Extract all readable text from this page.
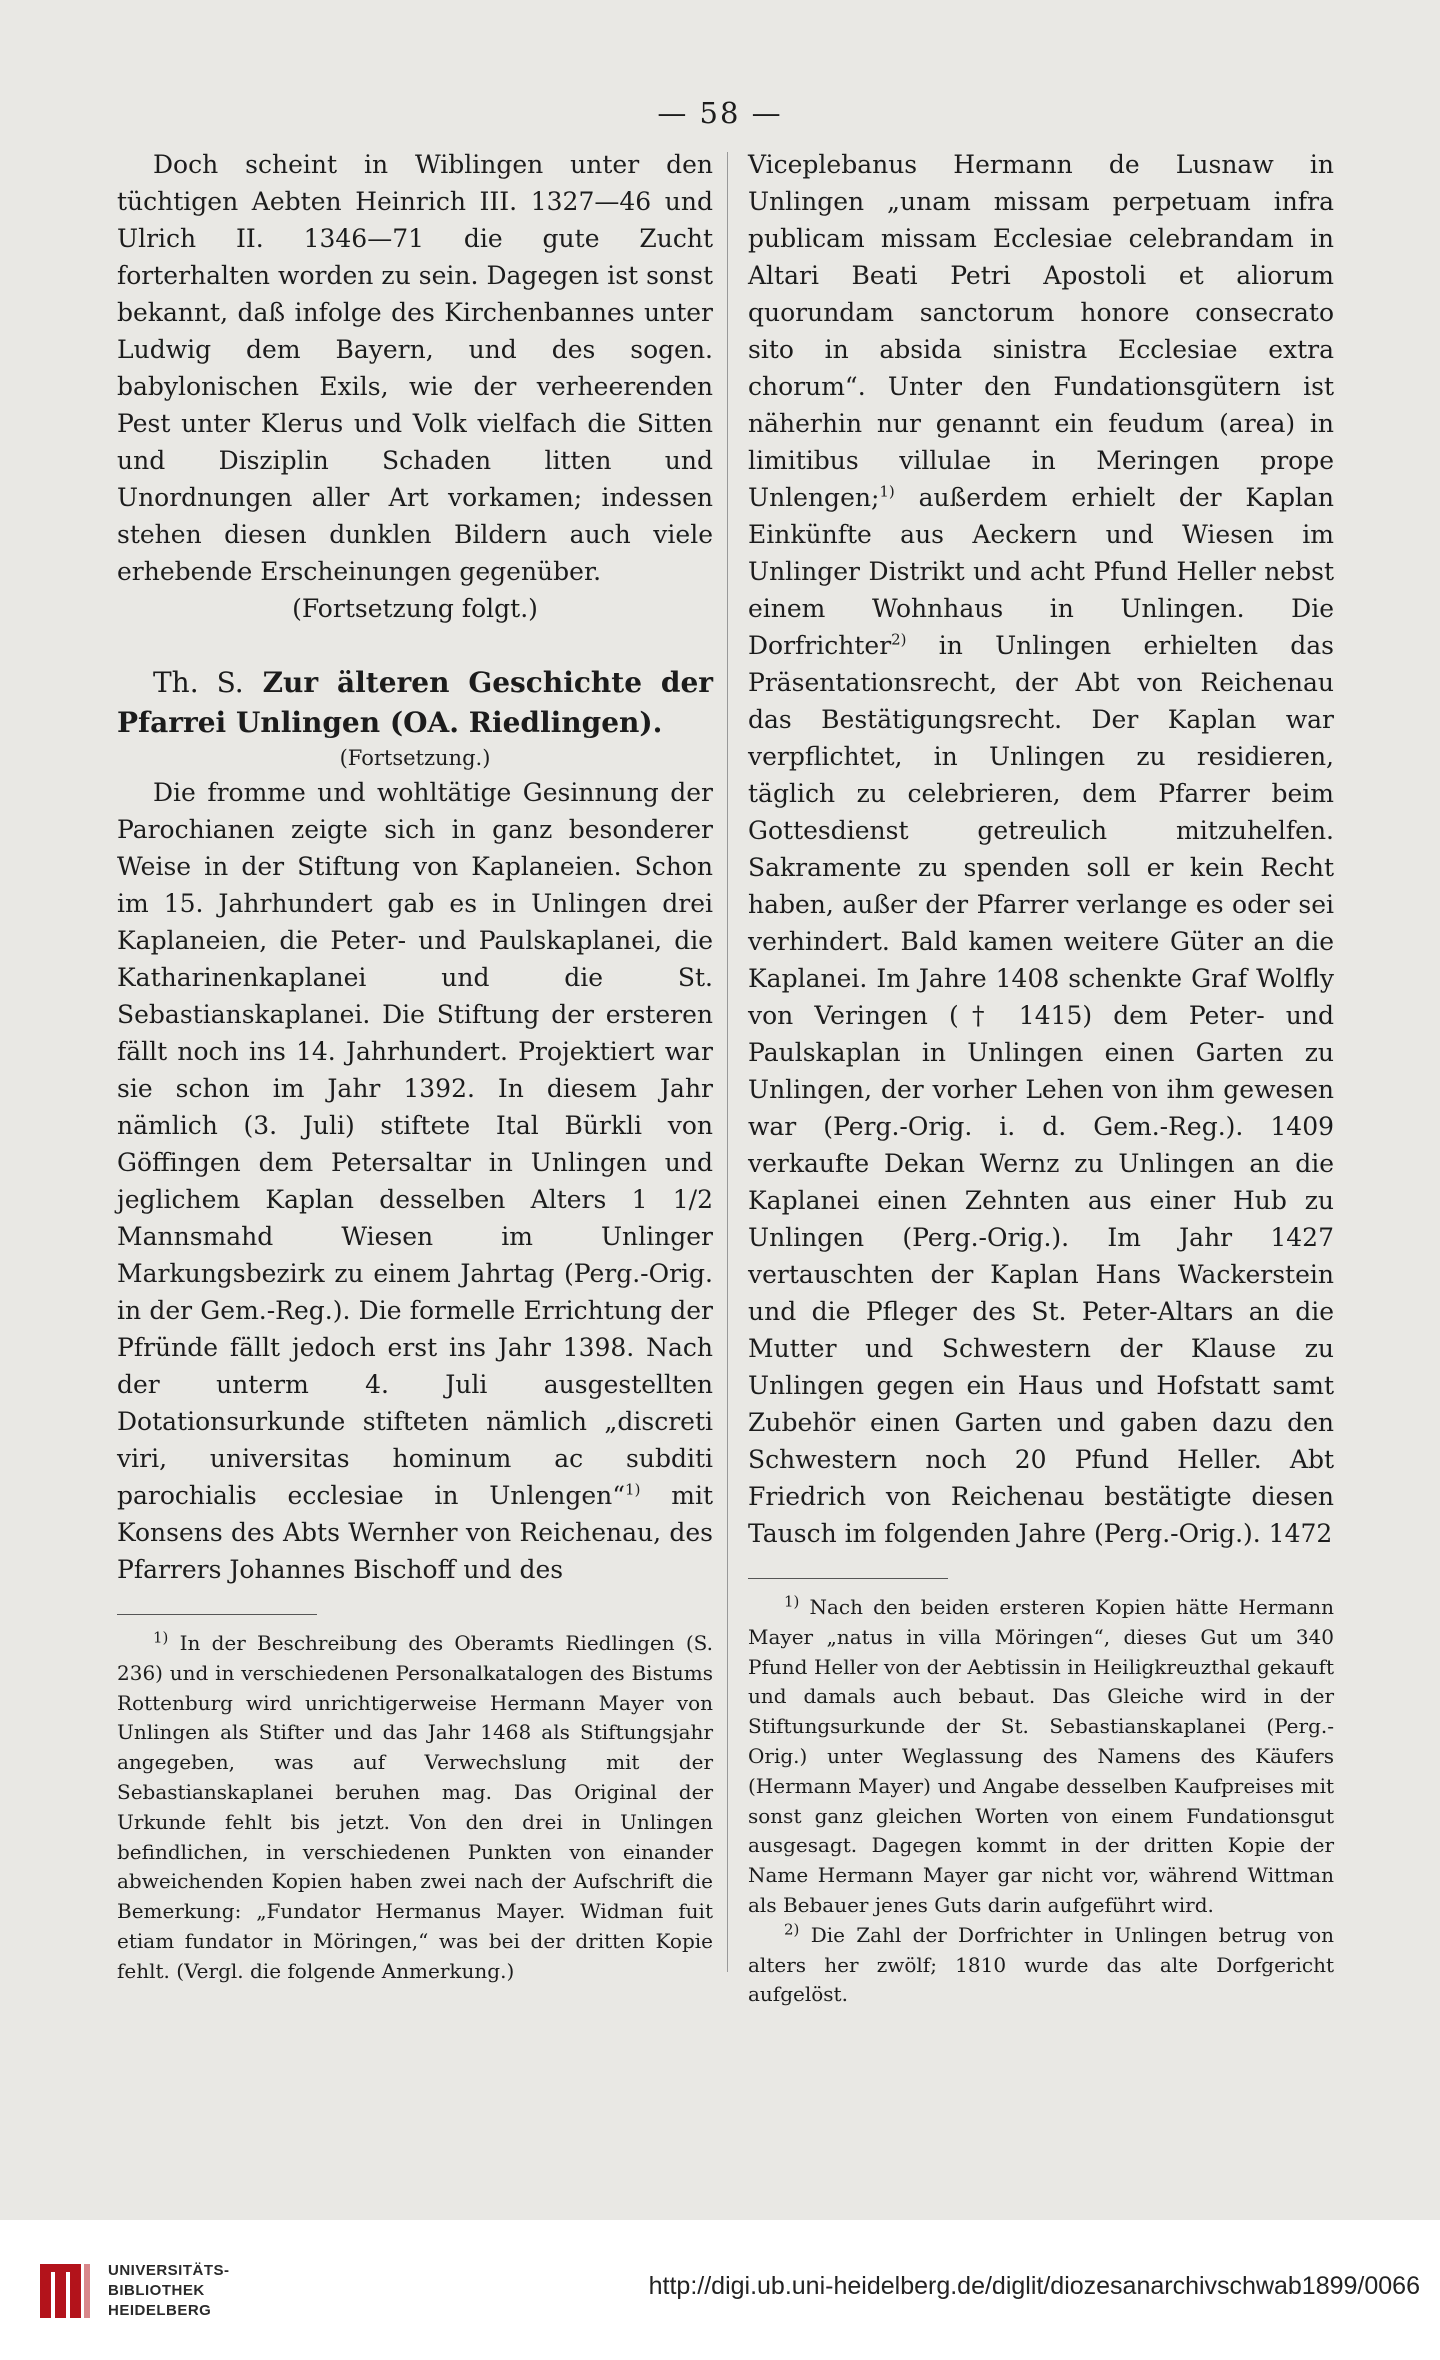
— 58 —

Doch scheint in Wiblingen unter den tüchtigen Aebten Heinrich III. 1327—46 und Ulrich II. 1346—71 die gute Zucht forterhalten worden zu sein. Dagegen ist sonst bekannt, daß infolge des Kirchenbannes unter Ludwig dem Bayern, und des sogen. babylonischen Exils, wie der verheerenden Pest unter Klerus und Volk vielfach die Sitten und Disziplin Schaden litten und Unordnungen aller Art vorkamen; indessen stehen diesen dunklen Bildern auch viele erhebende Erscheinungen gegenüber.

(Fortsetzung folgt.)

Th. S. Zur älteren Geschichte der Pfarrei Unlingen (OA. Riedlingen).

(Fortsetzung.)

Die fromme und wohltätige Gesinnung der Parochianen zeigte sich in ganz besonderer Weise in der Stiftung von Kaplaneien. Schon im 15. Jahrhundert gab es in Unlingen drei Kaplaneien, die Peter- und Paulskaplanei, die Katharinenkaplanei und die St. Sebastianskaplanei. Die Stiftung der ersteren fällt noch ins 14. Jahrhundert. Projektiert war sie schon im Jahr 1392. In diesem Jahr nämlich (3. Juli) stiftete Ital Bürkli von Göffingen dem Petersaltar in Unlingen und jeglichem Kaplan desselben Alters 1 1/2 Mannsmahd Wiesen im Unlinger Markungsbezirk zu einem Jahrtag (Perg.-Orig. in der Gem.-Reg.). Die formelle Errichtung der Pfründe fällt jedoch erst ins Jahr 1398. Nach der unterm 4. Juli ausgestellten Dotationsurkunde stifteten nämlich „discreti viri, universitas hominum ac subditi parochialis ecclesiae in Unlengen“$^{1)}$ mit Konsens des Abts Wernher von Reichenau, des Pfarrers Johannes Bischoff und des

$^{1)}$ In der Beschreibung des Oberamts Riedlingen (S. 236) und in verschiedenen Personalkatalogen des Bistums Rottenburg wird unrichtigerweise Hermann Mayer von Unlingen als Stifter und das Jahr 1468 als Stiftungsjahr angegeben, was auf Verwechslung mit der Sebastianskaplanei beruhen mag. Das Original der Urkunde fehlt bis jetzt. Von den drei in Unlingen befindlichen, in verschiedenen Punkten von einander abweichenden Kopien haben zwei nach der Aufschrift die Bemerkung: „Fundator Hermanus Mayer. Widman fuit etiam fundator in Möringen,“ was bei der dritten Kopie fehlt. (Vergl. die folgende Anmerkung.)

Viceplebanus Hermann de Lusnaw in Unlingen „unam missam perpetuam infra publicam missam Ecclesiae celebrandam in Altari Beati Petri Apostoli et aliorum quorundam sanctorum honore consecrato sito in absida sinistra Ecclesiae extra chorum“. Unter den Fundationsgütern ist näherhin nur genannt ein feudum (area) in limitibus villulae in Meringen prope Unlengen;$^{1)}$ außerdem erhielt der Kaplan Einkünfte aus Aeckern und Wiesen im Unlinger Distrikt und acht Pfund Heller nebst einem Wohnhaus in Unlingen. Die Dorfrichter$^{2)}$ in Unlingen erhielten das Präsentationsrecht, der Abt von Reichenau das Bestätigungsrecht. Der Kaplan war verpflichtet, in Unlingen zu residieren, täglich zu celebrieren, dem Pfarrer beim Gottesdienst getreulich mitzuhelfen. Sakramente zu spenden soll er kein Recht haben, außer der Pfarrer verlange es oder sei verhindert. Bald kamen weitere Güter an die Kaplanei. Im Jahre 1408 schenkte Graf Wolfly von Veringen († 1415) dem Peter- und Paulskaplan in Unlingen einen Garten zu Unlingen, der vorher Lehen von ihm gewesen war (Perg.-Orig. i. d. Gem.-Reg.). 1409 verkaufte Dekan Wernz zu Unlingen an die Kaplanei einen Zehnten aus einer Hub zu Unlingen (Perg.-Orig.). Im Jahr 1427 vertauschten der Kaplan Hans Wackerstein und die Pfleger des St. Peter-Altars an die Mutter und Schwestern der Klause zu Unlingen gegen ein Haus und Hofstatt samt Zubehör einen Garten und gaben dazu den Schwestern noch 20 Pfund Heller. Abt Friedrich von Reichenau bestätigte diesen Tausch im folgenden Jahre (Perg.-Orig.). 1472

$^{1)}$ Nach den beiden ersteren Kopien hätte Hermann Mayer „natus in villa Möringen“, dieses Gut um 340 Pfund Heller von der Aebtissin in Heiligkreuzthal gekauft und damals auch bebaut. Das Gleiche wird in der Stiftungsurkunde der St. Sebastianskaplanei (Perg.-Orig.) unter Weglassung des Namens des Käufers (Hermann Mayer) und Angabe desselben Kaufpreises mit sonst ganz gleichen Worten von einem Fundationsgut ausgesagt. Dagegen kommt in der dritten Kopie der Name Hermann Mayer gar nicht vor, während Wittman als Bebauer jenes Guts darin aufgeführt wird.

$^{2)}$ Die Zahl der Dorfrichter in Unlingen betrug von alters her zwölf; 1810 wurde das alte Dorfgericht aufgelöst.

UNIVERSITÄTS-
BIBLIOTHEK
HEIDELBERG
http://digi.ub.uni-heidelberg.de/diglit/diozesanarchivschwab1899/0066
